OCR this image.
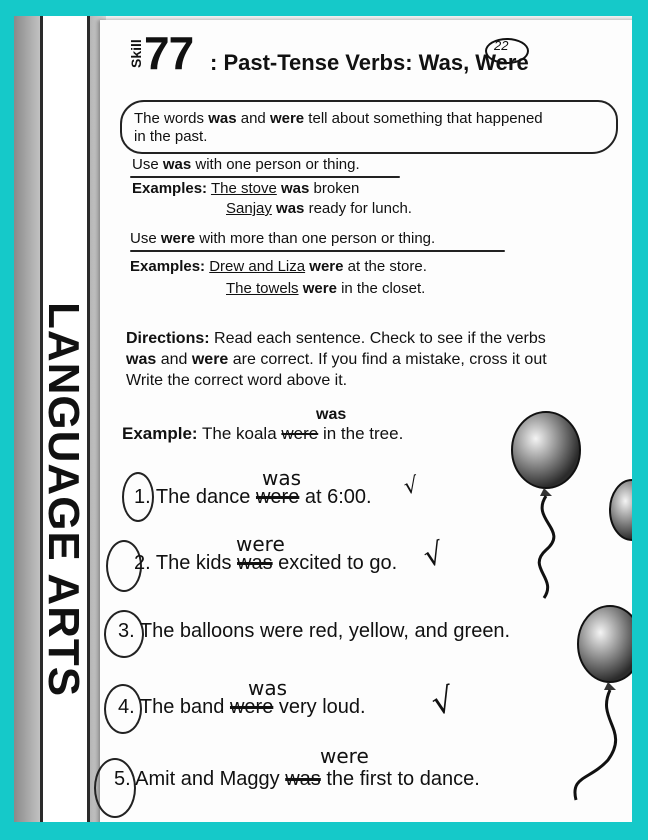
LANGUAGE ARTS
Skill 77 : Past-Tense Verbs: Was, Were
22
The words was and were tell about something that happened
in the past.
Use was with one person or thing.
Examples: The stove was broken
Sanjay was ready for lunch.
Use were with more than one person or thing.
Examples: Drew and Liza were at the store.
The towels were in the closet.
Directions: Read each sentence. Check to see if the verbs
was and were are correct. If you find a mistake, cross it out
Write the correct word above it.
was
Example: The koala were in the tree.
was
1. The dance were at 6:00. √
were
2. The kids was excited to go. √
3. The balloons were red, yellow, and green.
was
4. The band were very loud. √
were
5. Amit and Maggy was the first to dance.
